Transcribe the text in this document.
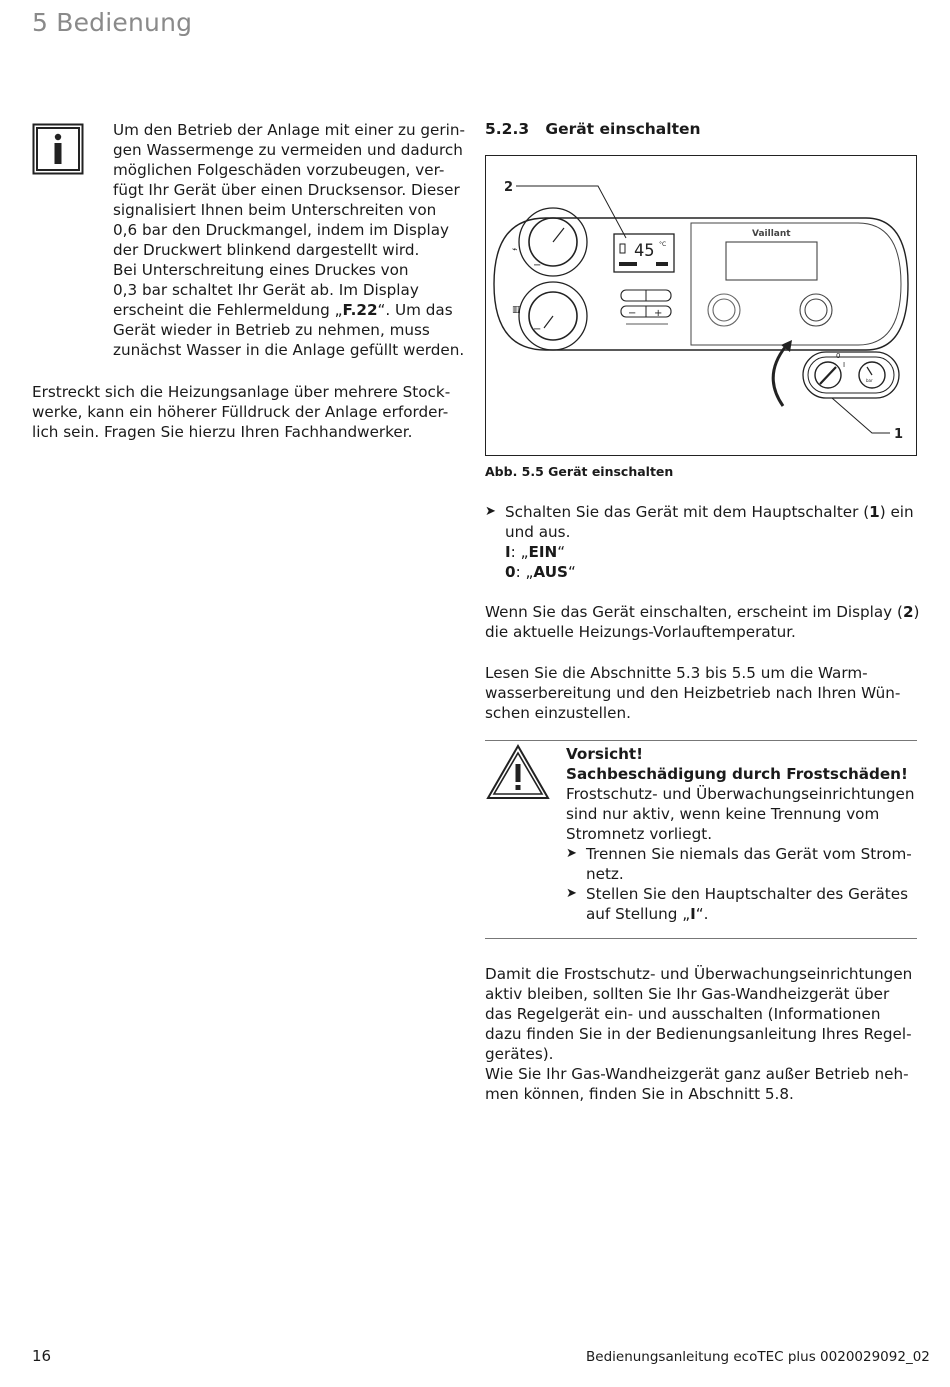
5 Bedienung
Um den Betrieb der Anlage mit einer zu gerin-
gen Wassermenge zu vermeiden und dadurch
möglichen Folgeschäden vorzubeugen, ver-
fügt Ihr Gerät über einen Drucksensor. Dieser
signalisiert Ihnen beim Unterschreiten von
0,6 bar den Druckmangel, indem im Display
der Druckwert blinkend dargestellt wird.
Bei Unterschreitung eines Druckes von
0,3 bar schaltet Ihr Gerät ab. Im Display
erscheint die Fehlermeldung „F.22“. Um das
Gerät wieder in Betrieb zu nehmen, muss
zunächst Wasser in die Anlage gefüllt werden.
Erstreckt sich die Heizungsanlage über mehrere Stock-
werke, kann ein höherer Fülldruck der Anlage erforder-
lich sein. Fragen Sie hierzu Ihren Fachhandwerker.
5.2.3 Gerät einschalten
2
⌁
▥
−
−
45 °C
− +
Vaillant
0
I
bar
1
Abb. 5.5 Gerät einschalten
➤ Schalten Sie das Gerät mit dem Hauptschalter (1) ein
und aus.
I: „EIN“
0: „AUS“
Wenn Sie das Gerät einschalten, erscheint im Display (2)
die aktuelle Heizungs-Vorlauftemperatur.
Lesen Sie die Abschnitte 5.3 bis 5.5 um die Warm-
wasserbereitung und den Heizbetrieb nach Ihren Wün-
schen einzustellen.
Vorsicht!
Sachbeschädigung durch Frostschäden!
Frostschutz- und Überwachungseinrichtungen
sind nur aktiv, wenn keine Trennung vom
Stromnetz vorliegt.
➤ Trennen Sie niemals das Gerät vom Strom-
netz.
➤ Stellen Sie den Hauptschalter des Gerätes
auf Stellung „I“.
Damit die Frostschutz- und Überwachungseinrichtungen
aktiv bleiben, sollten Sie Ihr Gas-Wandheizgerät über
das Regelgerät ein- und ausschalten (Informationen
dazu finden Sie in der Bedienungsanleitung Ihres Regel-
gerätes).
Wie Sie Ihr Gas-Wandheizgerät ganz außer Betrieb neh-
men können, finden Sie in Abschnitt 5.8.
16	Bedienungsanleitung ecoTEC plus 0020029092_02
